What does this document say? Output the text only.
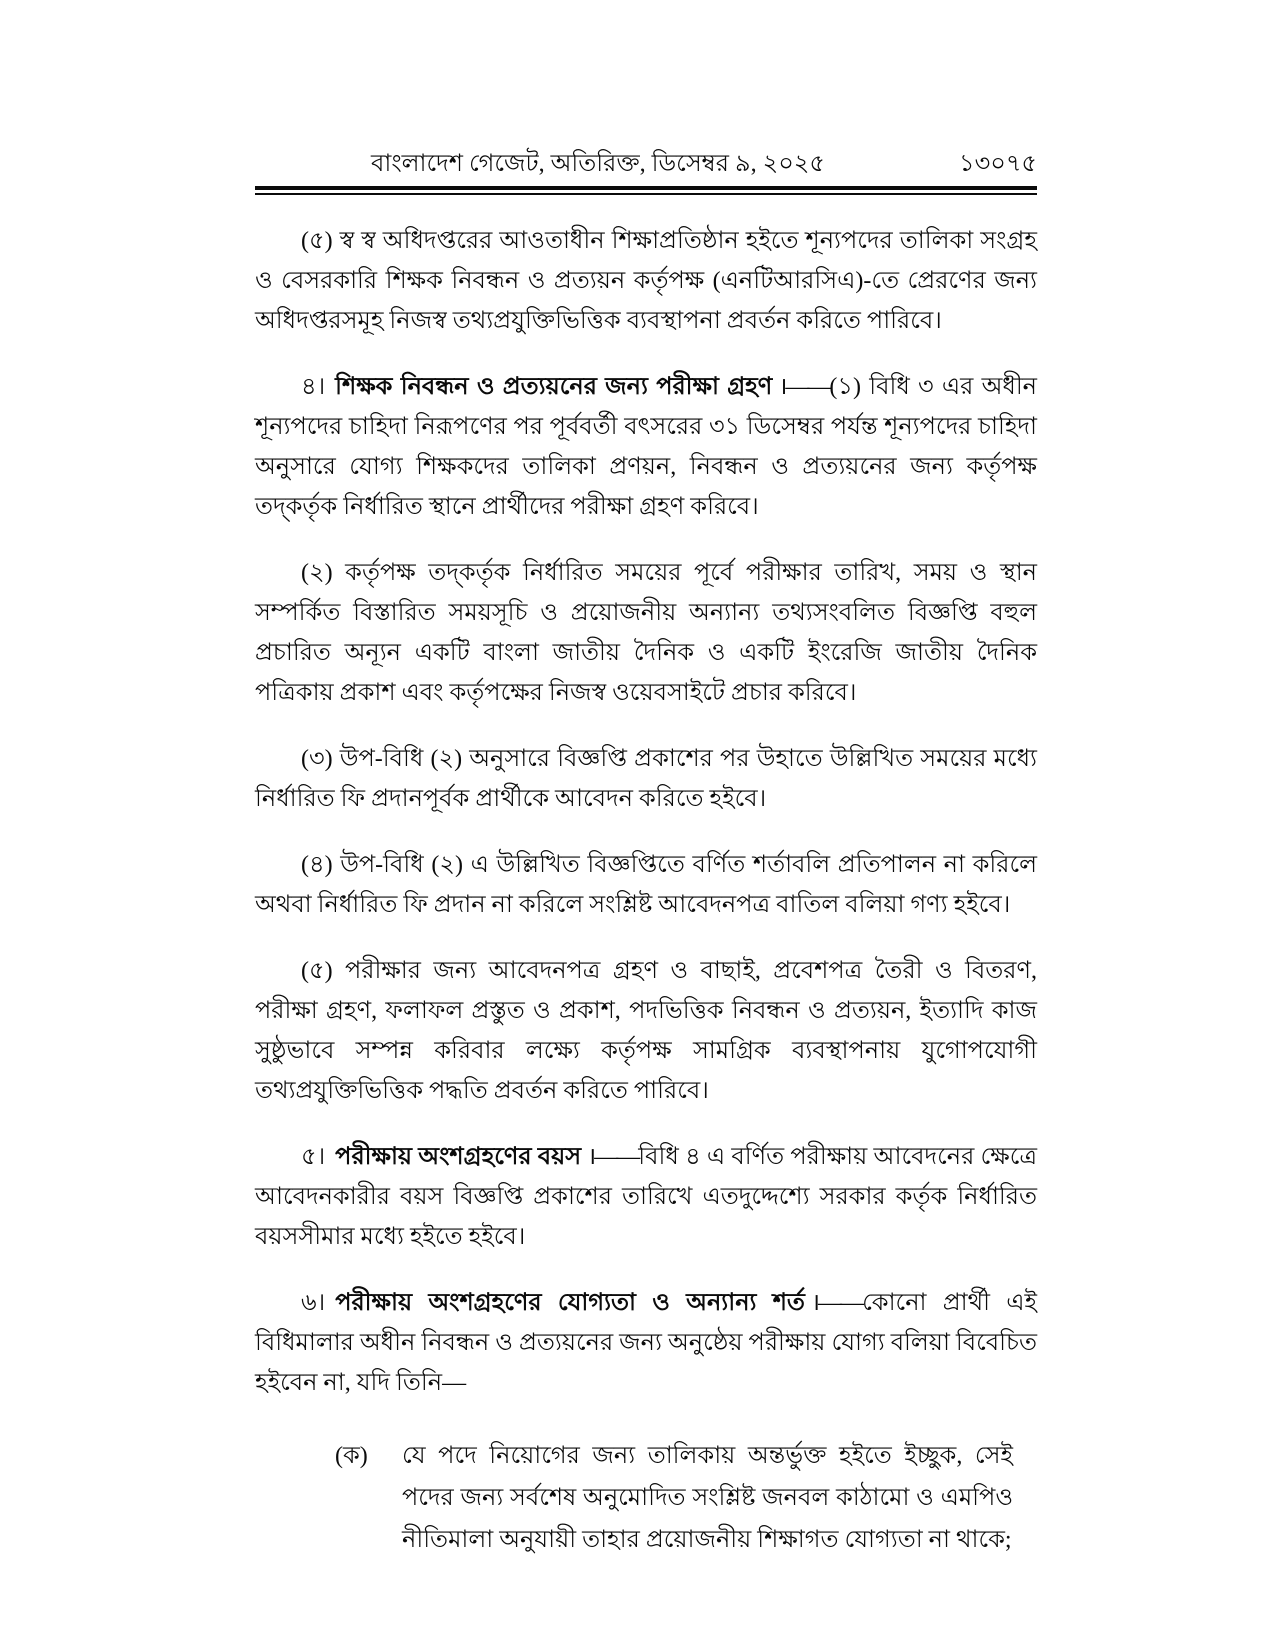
বাংলাদেশ গেজেট, অতিরিক্ত, ডিসেম্বর ৯, ২০২৫	১৩০৭৫

(৫) স্ব স্ব অধিদপ্তরের আওতাধীন শিক্ষাপ্রতিষ্ঠান হইতে শূন্যপদের তালিকা সংগ্রহ ও বেসরকারি শিক্ষক নিবন্ধন ও প্রত্যয়ন কর্তৃপক্ষ (এনটিআরসিএ)-তে প্রেরণের জন্য অধিদপ্তরসমূহ নিজস্ব তথ্যপ্রযুক্তিভিত্তিক ব্যবস্থাপনা প্রবর্তন করিতে পারিবে।

৪। শিক্ষক নিবন্ধন ও প্রত্যয়নের জন্য পরীক্ষা গ্রহণ ।——(১) বিধি ৩ এর অধীন শূন্যপদের চাহিদা নিরূপণের পর পূর্ববর্তী বৎসরের ৩১ ডিসেম্বর পর্যন্ত শূন্যপদের চাহিদা অনুসারে যোগ্য শিক্ষকদের তালিকা প্রণয়ন, নিবন্ধন ও প্রত্যয়নের জন্য কর্তৃপক্ষ তদ্‌কর্তৃক নির্ধারিত স্থানে প্রার্থীদের পরীক্ষা গ্রহণ করিবে।

(২) কর্তৃপক্ষ তদ্‌কর্তৃক নির্ধারিত সময়ের পূর্বে পরীক্ষার তারিখ, সময় ও স্থান সম্পর্কিত বিস্তারিত সময়সূচি ও প্রয়োজনীয় অন্যান্য তথ্যসংবলিত বিজ্ঞপ্তি বহুল প্রচারিত অন্যূন একটি বাংলা জাতীয় দৈনিক ও একটি ইংরেজি জাতীয় দৈনিক পত্রিকায় প্রকাশ এবং কর্তৃপক্ষের নিজস্ব ওয়েবসাইটে প্রচার করিবে।

(৩) উপ-বিধি (২) অনুসারে বিজ্ঞপ্তি প্রকাশের পর উহাতে উল্লিখিত সময়ের মধ্যে নির্ধারিত ফি প্রদানপূর্বক প্রার্থীকে আবেদন করিতে হইবে।

(৪) উপ-বিধি (২) এ উল্লিখিত বিজ্ঞপ্তিতে বর্ণিত শর্তাবলি প্রতিপালন না করিলে অথবা নির্ধারিত ফি প্রদান না করিলে সংশ্লিষ্ট আবেদনপত্র বাতিল বলিয়া গণ্য হইবে।

(৫) পরীক্ষার জন্য আবেদনপত্র গ্রহণ ও বাছাই, প্রবেশপত্র তৈরী ও বিতরণ, পরীক্ষা গ্রহণ, ফলাফল প্রস্তুত ও প্রকাশ, পদভিত্তিক নিবন্ধন ও প্রত্যয়ন, ইত্যাদি কাজ সুষ্ঠুভাবে সম্পন্ন করিবার লক্ষ্যে কর্তৃপক্ষ সামগ্রিক ব্যবস্থাপনায় যুগোপযোগী তথ্যপ্রযুক্তিভিত্তিক পদ্ধতি প্রবর্তন করিতে পারিবে।

৫। পরীক্ষায় অংশগ্রহণের বয়স ।——বিধি ৪ এ বর্ণিত পরীক্ষায় আবেদনের ক্ষেত্রে আবেদনকারীর বয়স বিজ্ঞপ্তি প্রকাশের তারিখে এতদুদ্দেশ্যে সরকার কর্তৃক নির্ধারিত বয়সসীমার মধ্যে হইতে হইবে।

৬। পরীক্ষায় অংশগ্রহণের যোগ্যতা ও অন্যান্য শর্ত ।——কোনো প্রার্থী এই বিধিমালার অধীন নিবন্ধন ও প্রত্যয়নের জন্য অনুষ্ঠেয় পরীক্ষায় যোগ্য বলিয়া বিবেচিত হইবেন না, যদি তিনি—

(ক)	যে পদে নিয়োগের জন্য তালিকায় অন্তর্ভুক্ত হইতে ইচ্ছুক, সেই পদের জন্য সর্বশেষ অনুমোদিত সংশ্লিষ্ট জনবল কাঠামো ও এমপিও নীতিমালা অনুযায়ী তাহার প্রয়োজনীয় শিক্ষাগত যোগ্যতা না থাকে;
